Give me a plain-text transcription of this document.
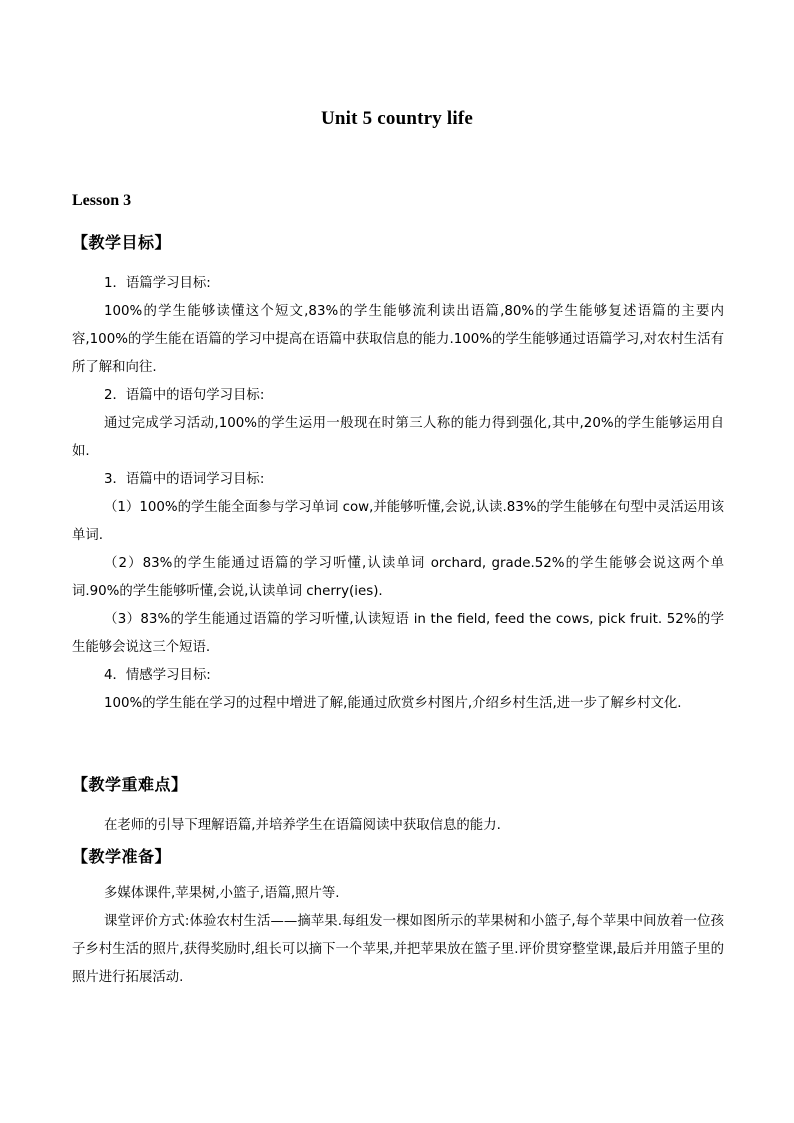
Unit 5 country life
Lesson 3
【教学目标】

1．语篇学习目标:

100%的学生能够读懂这个短文,83%的学生能够流利读出语篇,80%的学生能够复述语篇的主要内容,100%的学生能在语篇的学习中提高在语篇中获取信息的能力.100%的学生能够通过语篇学习,对农村生活有所了解和向往.

2．语篇中的语句学习目标:

通过完成学习活动,100%的学生运用一般现在时第三人称的能力得到强化,其中,20%的学生能够运用自如.

3．语篇中的语词学习目标:

（1）100%的学生能全面参与学习单词 cow,并能够听懂,会说,认读.83%的学生能够在句型中灵活运用该单词.

（2）83%的学生能通过语篇的学习听懂,认读单词 orchard, grade.52%的学生能够会说这两个单词.90%的学生能够听懂,会说,认读单词 cherry(ies).

（3）83%的学生能通过语篇的学习听懂,认读短语 in the field, feed the cows, pick fruit. 52%的学生能够会说这三个短语.

4．情感学习目标:

100%的学生能在学习的过程中增进了解,能通过欣赏乡村图片,介绍乡村生活,进一步了解乡村文化.

【教学重难点】

在老师的引导下理解语篇,并培养学生在语篇阅读中获取信息的能力.

【教学准备】

多媒体课件,苹果树,小篮子,语篇,照片等.

课堂评价方式:体验农村生活——摘苹果.每组发一棵如图所示的苹果树和小篮子,每个苹果中间放着一位孩子乡村生活的照片,获得奖励时,组长可以摘下一个苹果,并把苹果放在篮子里.评价贯穿整堂课,最后并用篮子里的照片进行拓展活动.
